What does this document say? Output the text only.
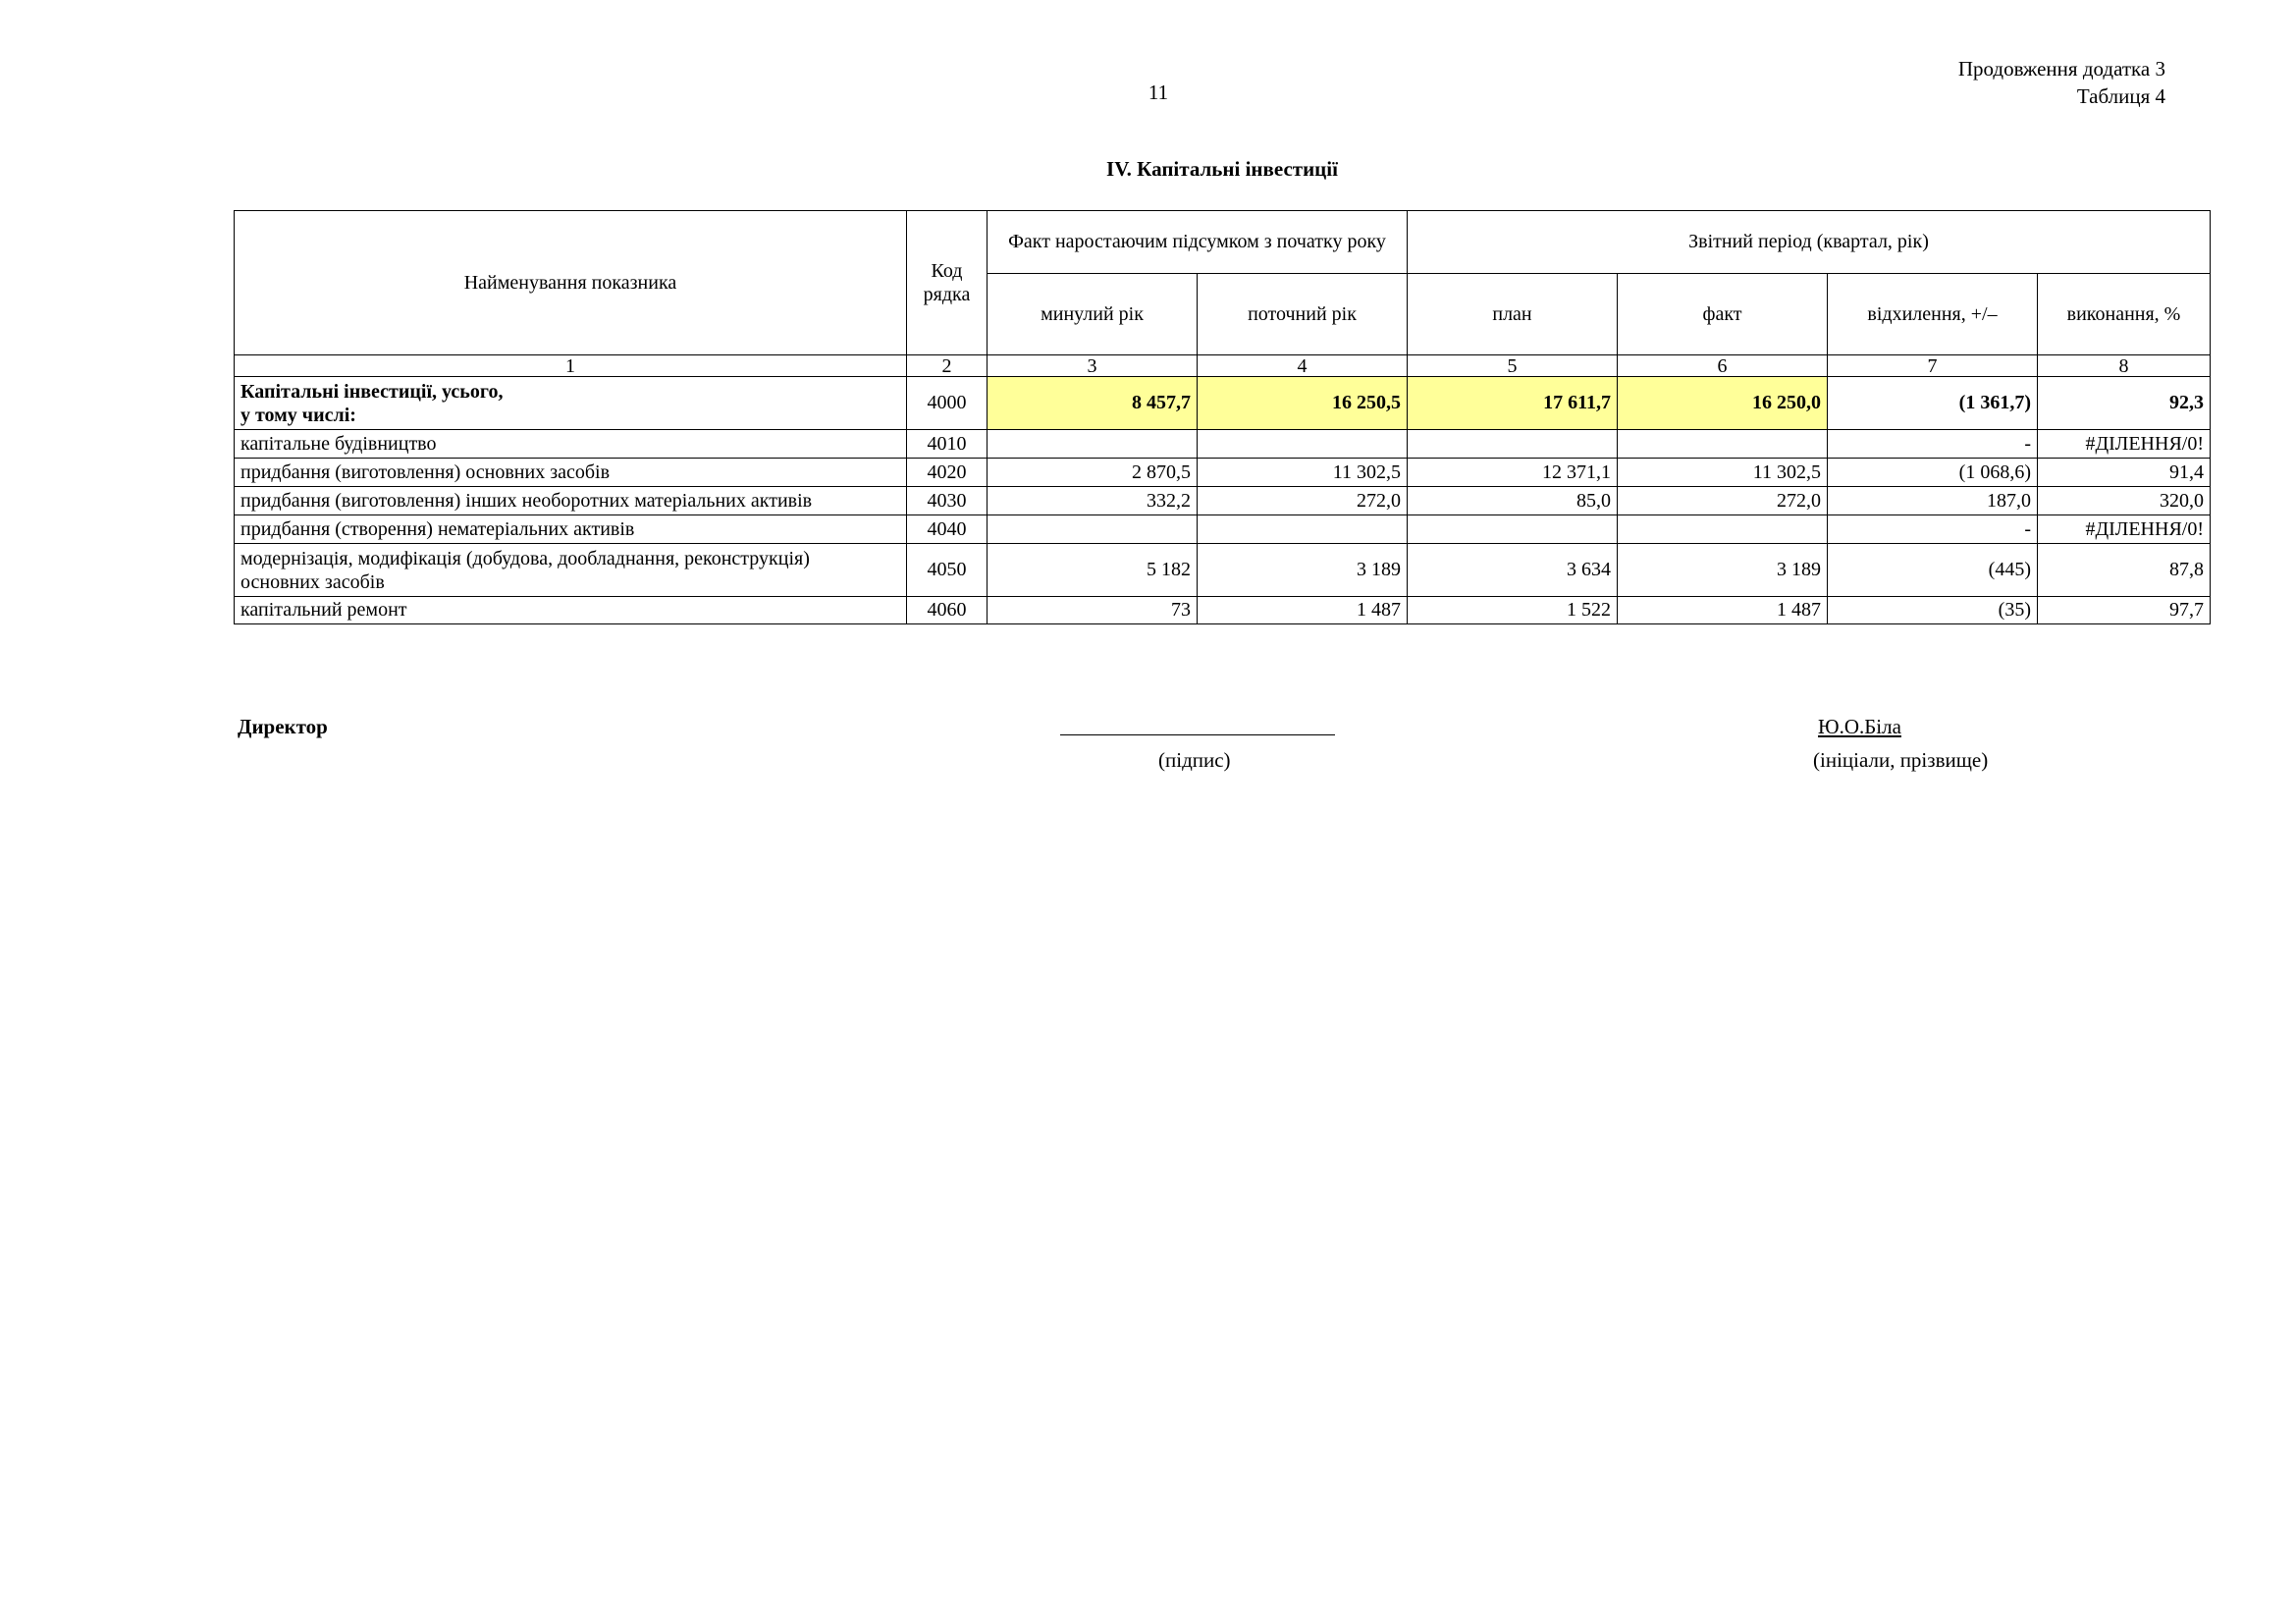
11
Продовження додатка 3
Таблиця 4
IV. Капітальні інвестиції
Найменування показника	Код рядка	Факт наростаючим підсумком з початку року		Звітний період (квартал, рік)			
		минулий рік	поточний рік	план	факт	відхилення, +/–	виконання, %
1	2	3	4	5	6	7	8

Капітальні інвестиції, усього,
у тому числі:	4000	8 457,7	16 250,5	17 611,7	16 250,0	(1 361,7)	92,3
капітальне будівництво	4010					-	#ДІЛЕННЯ/0!
придбання (виготовлення) основних засобів	4020	2 870,5	11 302,5	12 371,1	11 302,5	(1 068,6)	91,4
придбання (виготовлення) інших необоротних матеріальних активів	4030	332,2	272,0	85,0	272,0	187,0	320,0
придбання (створення) нематеріальних активів	4040					-	#ДІЛЕННЯ/0!

модернізація, модифікація (добудова, дообладнання, реконструкція)
основних засобів	4050	5 182	3 189	3 634	3 189	(445)	87,8
капітальний ремонт	4060	73	1 487	1 522	1 487	(35)	97,7
Директор
(підпис)
Ю.О.Біла
(ініціали, прізвище)
